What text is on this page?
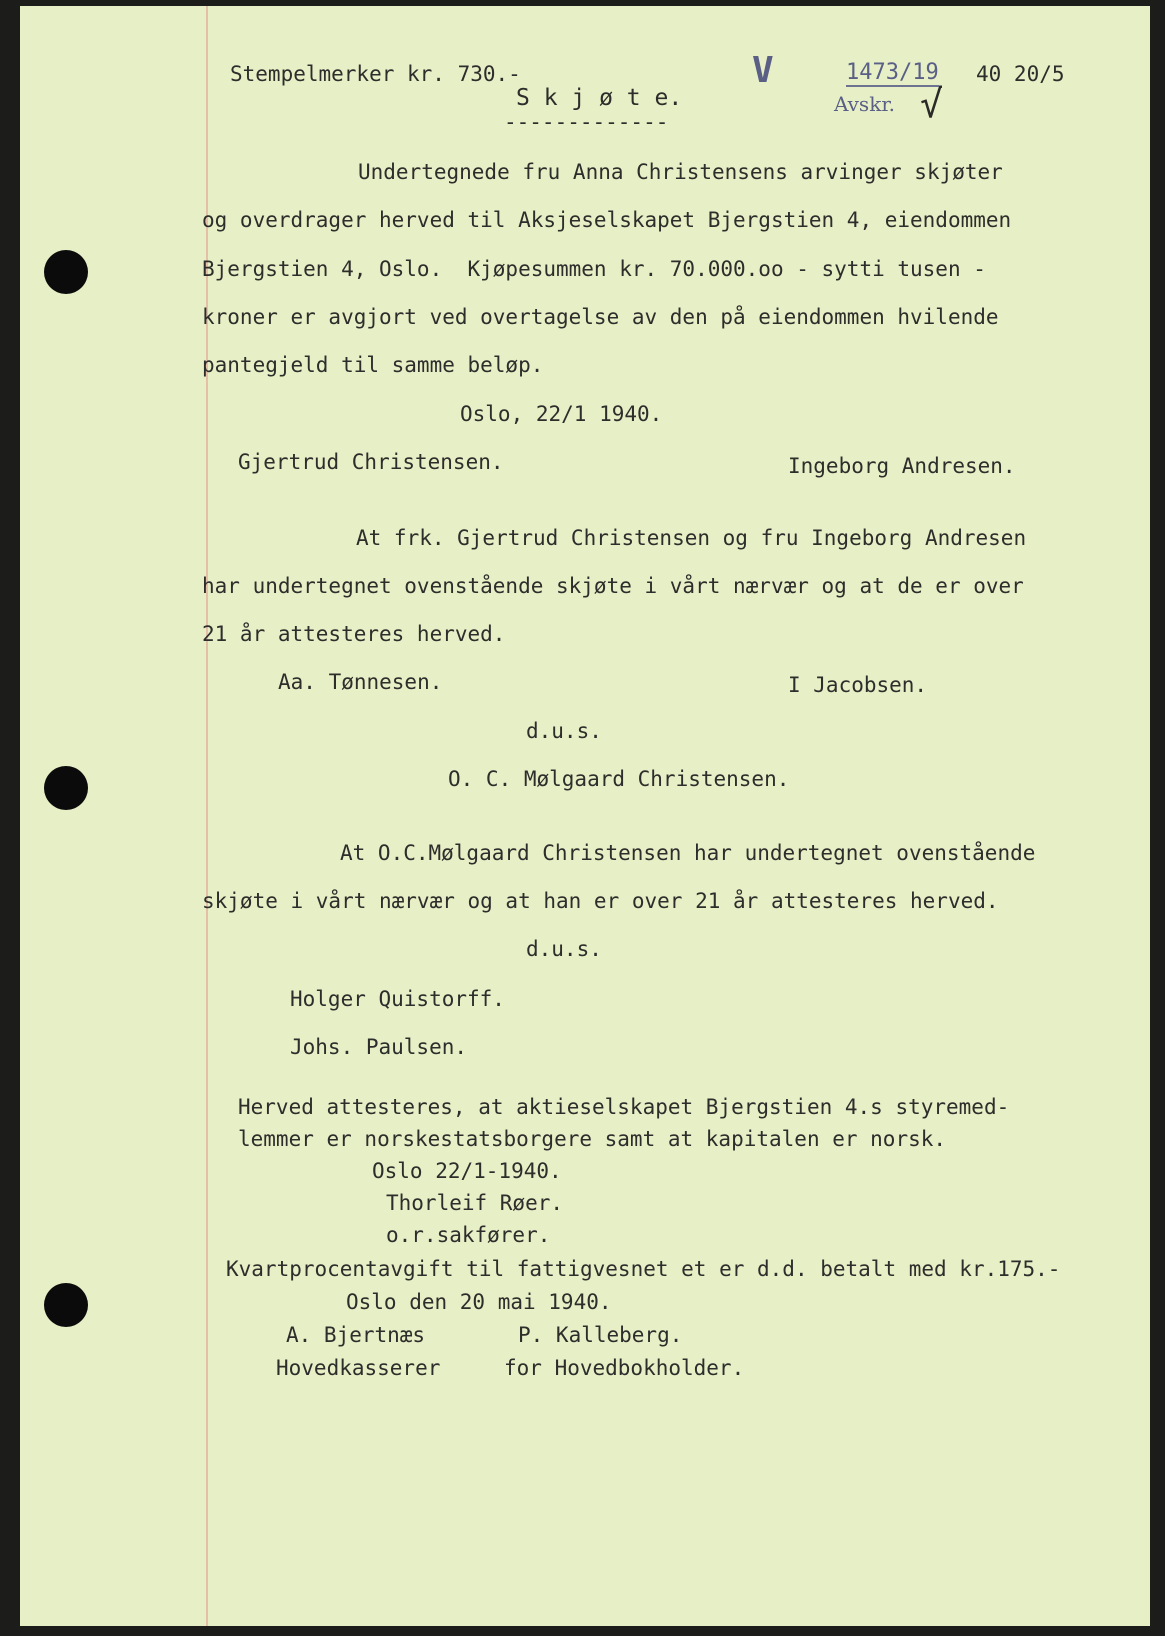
Stempelmerker kr. 730.-
S k j ø t e.
-------------
V	1473/19 40 20/5
Avskr. √
Undertegnede fru Anna Christensens arvinger skjøter
og overdrager herved til Aksjeselskapet Bjergstien 4, eiendommen
Bjergstien 4, Oslo.  Kjøpesummen kr. 70.000.oo - sytti tusen -
kroner er avgjort ved overtagelse av den på eiendommen hvilende
pantegjeld til samme beløp.
Oslo, 22/1 1940.
Gjertrud Christensen.	Ingeborg Andresen.
At frk. Gjertrud Christensen og fru Ingeborg Andresen
har undertegnet ovenstående skjøte i vårt nærvær og at de er over
21 år attesteres herved.
Aa. Tønnesen.	I Jacobsen.
d.u.s.
O. C. Mølgaard Christensen.
At O.C.Mølgaard Christensen har undertegnet ovenstående
skjøte i vårt nærvær og at han er over 21 år attesteres herved.
d.u.s.
Holger Quistorff.
Johs. Paulsen.
Herved attesteres, at aktieselskapet Bjergstien 4.s styremed-
lemmer er norskestatsborgere samt at kapitalen er norsk.
Oslo 22/1-1940.
Thorleif Røer.
o.r.sakfører.
Kvartprocentavgift til fattigvesnet et er d.d. betalt med kr.175.-
Oslo den 20 mai 1940.
A. Bjertnæs	P. Kalleberg.
Hovedkasserer	for Hovedbokholder.
